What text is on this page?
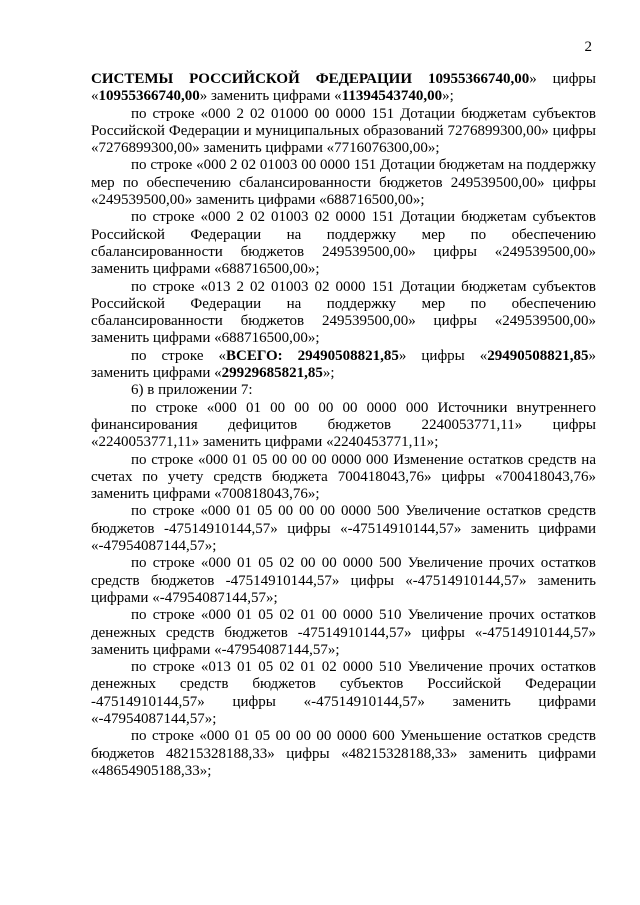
2

СИСТЕМЫ РОССИЙСКОЙ ФЕДЕРАЦИИ 10955366740,00» цифры «10955366740,00» заменить цифрами «11394543740,00»;

по строке «000 2 02 01000 00 0000 151 Дотации бюджетам субъектов Российской Федерации и муниципальных образований 7276899300,00» цифры «7276899300,00» заменить цифрами «7716076300,00»;

по строке «000 2 02 01003 00 0000 151 Дотации бюджетам на поддержку мер по обеспечению сбалансированности бюджетов 249539500,00» цифры «249539500,00» заменить цифрами «688716500,00»;

по строке «000 2 02 01003 02 0000 151 Дотации бюджетам субъектов Российской Федерации на поддержку мер по обеспечению сбалансированности бюджетов 249539500,00» цифры «249539500,00» заменить цифрами «688716500,00»;

по строке «013 2 02 01003 02 0000 151 Дотации бюджетам субъектов Российской Федерации на поддержку мер по обеспечению сбалансированности бюджетов 249539500,00» цифры «249539500,00» заменить цифрами «688716500,00»;

по строке «ВСЕГО: 29490508821,85» цифры «29490508821,85» заменить цифрами «29929685821,85»;

6) в приложении 7:

по строке «000 01 00 00 00 00 0000 000 Источники внутреннего финансирования дефицитов бюджетов 2240053771,11» цифры «2240053771,11» заменить цифрами «2240453771,11»;

по строке «000 01 05 00 00 00 0000 000 Изменение остатков средств на счетах по учету средств бюджета 700418043,76» цифры «700418043,76» заменить цифрами «700818043,76»;

по строке «000 01 05 00 00 00 0000 500 Увеличение остатков средств бюджетов -47514910144,57» цифры «-47514910144,57» заменить цифрами «-47954087144,57»;

по строке «000 01 05 02 00 00 0000 500 Увеличение прочих остатков средств бюджетов -47514910144,57» цифры «-47514910144,57» заменить цифрами «-47954087144,57»;

по строке «000 01 05 02 01 00 0000 510 Увеличение прочих остатков денежных средств бюджетов -47514910144,57» цифры «-47514910144,57» заменить цифрами «-47954087144,57»;

по строке «013 01 05 02 01 02 0000 510 Увеличение прочих остатков денежных средств бюджетов субъектов Российской Федерации -47514910144,57» цифры «-47514910144,57» заменить цифрами «-47954087144,57»;

по строке «000 01 05 00 00 00 0000 600 Уменьшение остатков средств бюджетов 48215328188,33» цифры «48215328188,33» заменить цифрами «48654905188,33»;
